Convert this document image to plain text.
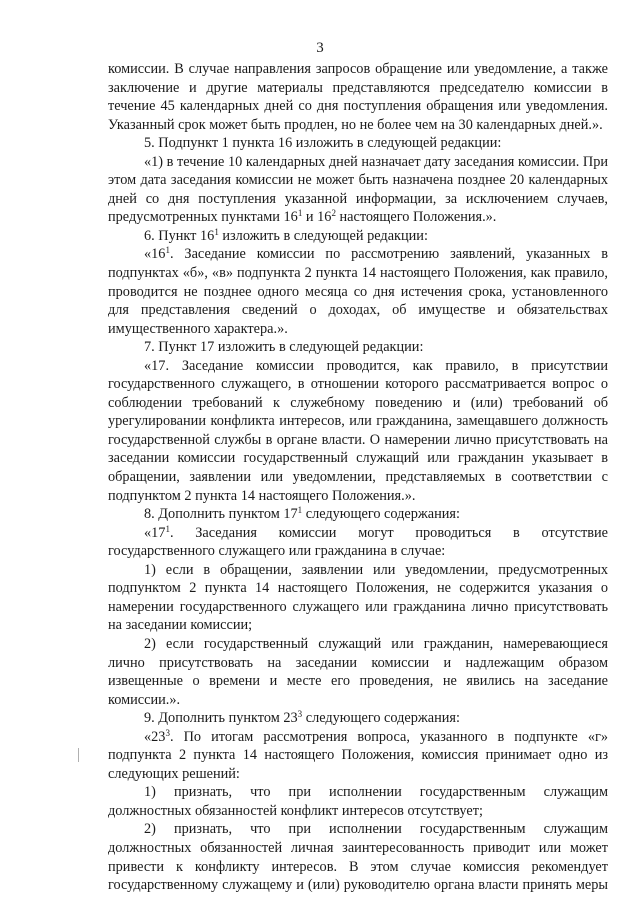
3

комиссии. В случае направления запросов обращение или уведомление, а также заключение и другие материалы представляются председателю комиссии в течение 45 календарных дней со дня поступления обращения или уведомления. Указанный срок может быть продлен, но не более чем на 30 календарных дней.».

5. Подпункт 1 пункта 16 изложить в следующей редакции:

«1) в течение 10 календарных дней назначает дату заседания комиссии. При этом дата заседания комиссии не может быть назначена позднее 20 календарных дней со дня поступления указанной информации, за исключением случаев, предусмотренных пунктами $16^1$ и $16^2$ настоящего Положения.».

6. Пункт $16^1$ изложить в следующей редакции:

«$16^1$. Заседание комиссии по рассмотрению заявлений, указанных в подпунктах «б», «в» подпункта 2 пункта 14 настоящего Положения, как правило, проводится не позднее одного месяца со дня истечения срока, установленного для представления сведений о доходах, об имуществе и обязательствах имущественного характера.».

7. Пункт 17 изложить в следующей редакции:

«17. Заседание комиссии проводится, как правило, в присутствии государственного служащего, в отношении которого рассматривается вопрос о соблюдении требований к служебному поведению и (или) требований об урегулировании конфликта интересов, или гражданина, замещавшего должность государственной службы в органе власти. О намерении лично присутствовать на заседании комиссии государственный служащий или гражданин указывает в обращении, заявлении или уведомлении, представляемых в соответствии с подпунктом 2 пункта 14 настоящего Положения.».

8. Дополнить пунктом $17^1$ следующего содержания:

«$17^1$. Заседания комиссии могут проводиться в отсутствие государственного служащего или гражданина в случае:

1) если в обращении, заявлении или уведомлении, предусмотренных подпунктом 2 пункта 14 настоящего Положения, не содержится указания о намерении государственного служащего или гражданина лично присутствовать на заседании комиссии;

2) если государственный служащий или гражданин, намеревающиеся лично присутствовать на заседании комиссии и надлежащим образом извещенные о времени и месте его проведения, не явились на заседание комиссии.».

9. Дополнить пунктом $23^3$ следующего содержания:

«$23^3$. По итогам рассмотрения вопроса, указанного в подпункте «г» подпункта 2 пункта 14 настоящего Положения, комиссия принимает одно из следующих решений:

1) признать, что при исполнении государственным служащим должностных обязанностей конфликт интересов отсутствует;

2) признать, что при исполнении государственным служащим должностных обязанностей личная заинтересованность приводит или может привести к конфликту интересов. В этом случае комиссия рекомендует государственному служащему и (или) руководителю органа власти принять меры
